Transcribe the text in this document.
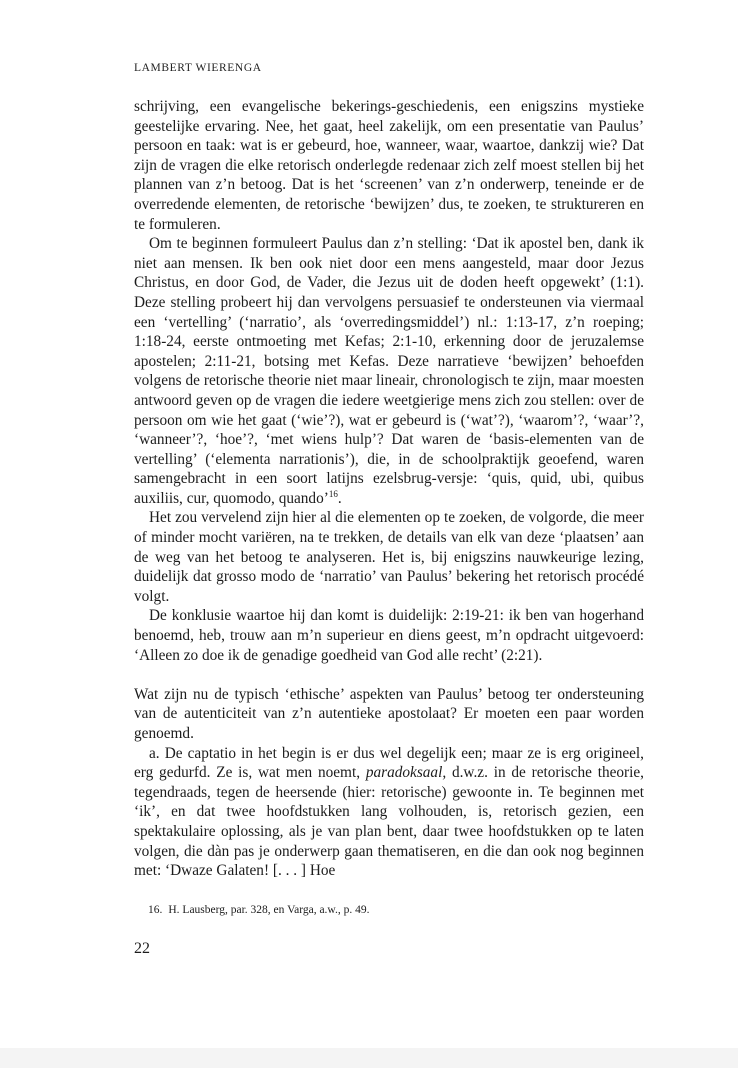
LAMBERT WIERENGA

schrijving, een evangelische bekerings-geschiedenis, een enigszins mystieke geestelijke ervaring. Nee, het gaat, heel zakelijk, om een presentatie van Paulus’ persoon en taak: wat is er gebeurd, hoe, wanneer, waar, waartoe, dankzij wie? Dat zijn de vragen die elke retorisch onderlegde redenaar zich zelf moest stellen bij het plannen van z’n betoog. Dat is het ‘screenen’ van z’n onderwerp, teneinde er de overredende elementen, de retorische ‘bewijzen’ dus, te zoeken, te struktureren en te formuleren.

Om te beginnen formuleert Paulus dan z’n stelling: ‘Dat ik apostel ben, dank ik niet aan mensen. Ik ben ook niet door een mens aangesteld, maar door Jezus Christus, en door God, de Vader, die Jezus uit de doden heeft opgewekt’ (1:1). Deze stelling probeert hij dan vervolgens persuasief te ondersteunen via viermaal een ‘vertelling’ (‘narratio’, als ‘overredingsmiddel’) nl.: 1:13-17, z’n roeping; 1:18-24, eerste ontmoeting met Kefas; 2:1-10, erkenning door de jeruzalemse apostelen; 2:11-21, botsing met Kefas. Deze narratieve ‘bewijzen’ behoefden volgens de retorische theorie niet maar lineair, chronologisch te zijn, maar moesten antwoord geven op de vragen die iedere weetgierige mens zich zou stellen: over de persoon om wie het gaat (‘wie’?), wat er gebeurd is (‘wat’?), ‘waarom’?, ‘waar’?, ‘wanneer’?, ‘hoe’?, ‘met wiens hulp’? Dat waren de ‘basis-elementen van de vertelling’ (‘elementa narrationis’), die, in de schoolpraktijk geoefend, waren samengebracht in een soort latijns ezelsbrug-versje: ‘quis, quid, ubi, quibus auxiliis, cur, quomodo, quando’$^{16}$.

Het zou vervelend zijn hier al die elementen op te zoeken, de volgorde, die meer of minder mocht variëren, na te trekken, de details van elk van deze ‘plaatsen’ aan de weg van het betoog te analyseren. Het is, bij enigszins nauwkeurige lezing, duidelijk dat grosso modo de ‘narratio’ van Paulus’ bekering het retorisch procédé volgt.

De konklusie waartoe hij dan komt is duidelijk: 2:19-21: ik ben van hogerhand benoemd, heb, trouw aan m’n superieur en diens geest, m’n opdracht uitgevoerd: ‘Alleen zo doe ik de genadige goedheid van God alle recht’ (2:21).

Wat zijn nu de typisch ‘ethische’ aspekten van Paulus’ betoog ter ondersteuning van de autenticiteit van z’n autentieke apostolaat? Er moeten een paar worden genoemd.

a. De captatio in het begin is er dus wel degelijk een; maar ze is erg origineel, erg gedurfd. Ze is, wat men noemt, paradoksaal, d.w.z. in de retorische theorie, tegendraads, tegen de heersende (hier: retorische) gewoonte in. Te beginnen met ‘ik’, en dat twee hoofdstukken lang volhouden, is, retorisch gezien, een spektakulaire oplossing, als je van plan bent, daar twee hoofdstukken op te laten volgen, die dàn pas je onderwerp gaan thematiseren, en die dan ook nog beginnen met: ‘Dwaze Galaten! [. . . ] Hoe

16. H. Lausberg, par. 328, en Varga, a.w., p. 49.
22
